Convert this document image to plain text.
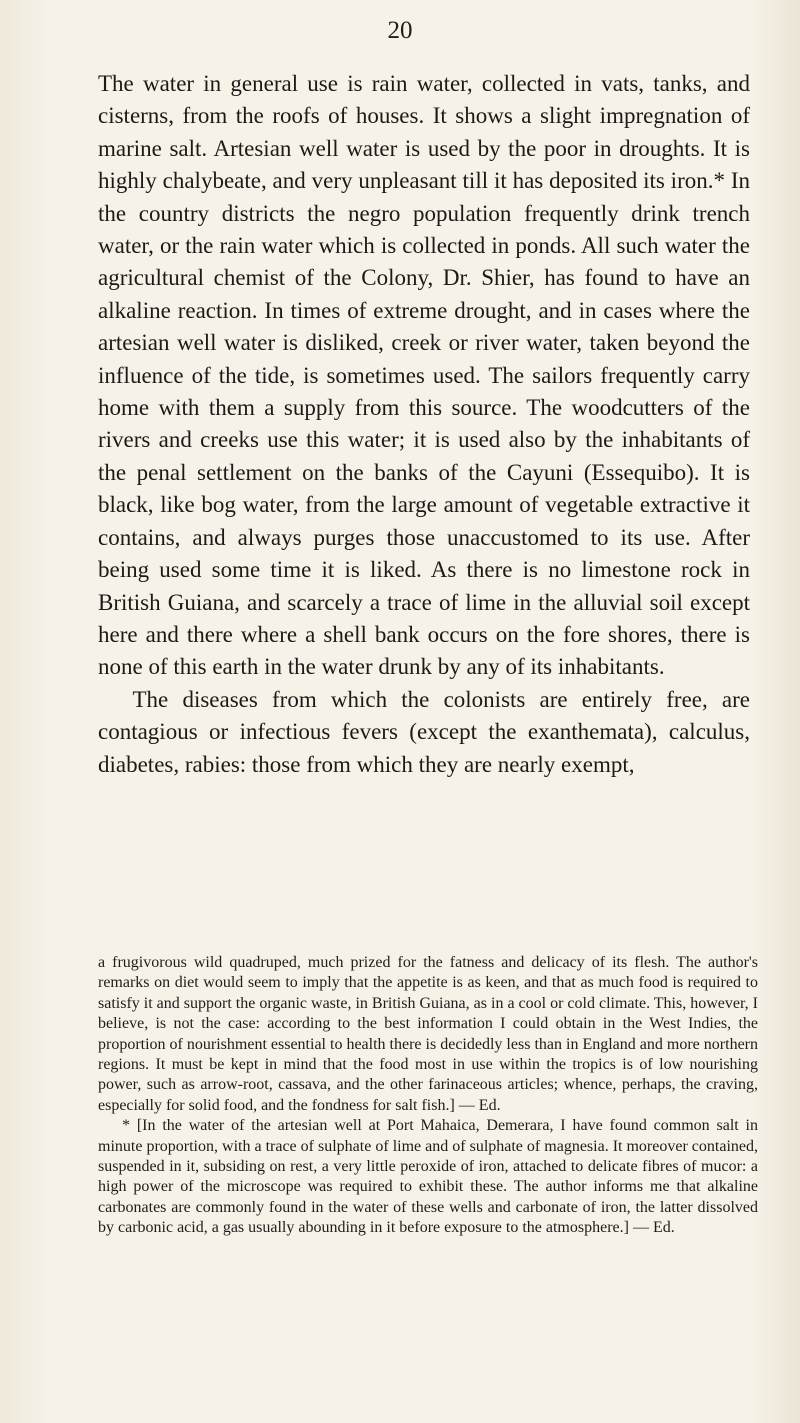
20

The water in general use is rain water, collected in vats, tanks, and cisterns, from the roofs of houses. It shows a slight impregnation of marine salt. Artesian well water is used by the poor in droughts. It is highly chalybeate, and very unpleasant till it has deposited its iron.* In the country districts the negro population frequently drink trench water, or the rain water which is collected in ponds. All such water the agricultural chemist of the Colony, Dr. Shier, has found to have an alkaline reaction. In times of extreme drought, and in cases where the artesian well water is disliked, creek or river water, taken beyond the influence of the tide, is sometimes used. The sailors frequently carry home with them a supply from this source. The woodcutters of the rivers and creeks use this water; it is used also by the inhabitants of the penal settlement on the banks of the Cayuni (Essequibo). It is black, like bog water, from the large amount of vegetable extractive it contains, and always purges those unaccustomed to its use. After being used some time it is liked. As there is no limestone rock in British Guiana, and scarcely a trace of lime in the alluvial soil except here and there where a shell bank occurs on the fore shores, there is none of this earth in the water drunk by any of its inhabitants.

The diseases from which the colonists are entirely free, are contagious or infectious fevers (except the exanthemata), calculus, diabetes, rabies: those from which they are nearly exempt,

a frugivorous wild quadruped, much prized for the fatness and delicacy of its flesh. The author's remarks on diet would seem to imply that the appetite is as keen, and that as much food is required to satisfy it and support the organic waste, in British Guiana, as in a cool or cold climate. This, however, I believe, is not the case: according to the best information I could obtain in the West Indies, the proportion of nourishment essential to health there is decidedly less than in England and more northern regions. It must be kept in mind that the food most in use within the tropics is of low nourishing power, such as arrow-root, cassava, and the other farinaceous articles; whence, perhaps, the craving, especially for solid food, and the fondness for salt fish.] — Ed.

* [In the water of the artesian well at Port Mahaica, Demerara, I have found common salt in minute proportion, with a trace of sulphate of lime and of sulphate of magnesia. It moreover contained, suspended in it, subsiding on rest, a very little peroxide of iron, attached to delicate fibres of mucor: a high power of the microscope was required to exhibit these. The author informs me that alkaline carbonates are commonly found in the water of these wells and carbonate of iron, the latter dissolved by carbonic acid, a gas usually abounding in it before exposure to the atmosphere.] — Ed.
